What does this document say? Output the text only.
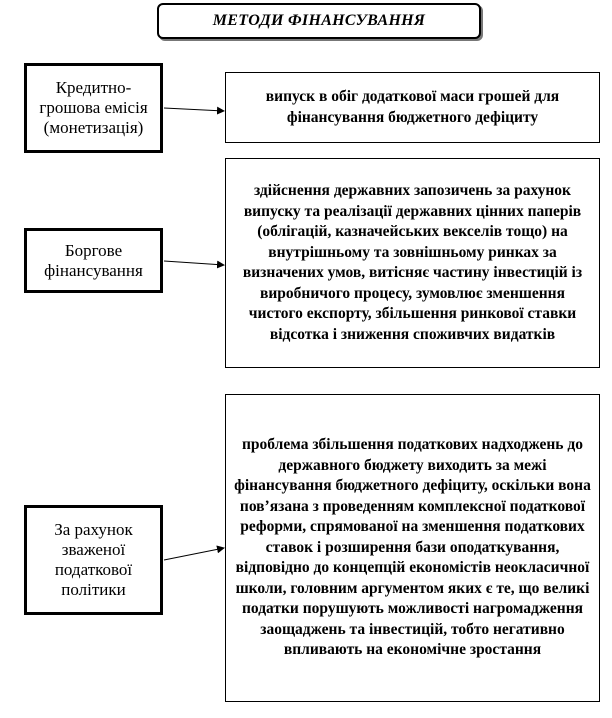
МЕТОДИ ФІНАНСУВАННЯ
Кредитно-грошова емісія (монетизація)
Боргове фінансування
За рахунок зваженої податкової політики
випуск в обіг додаткової маси грошей для фінансування бюджетного дефіциту
здійснення державних запозичень за рахунок випуску та реалізації державних цінних паперів (облігацій, казначейських векселів тощо) на внутрішньому та зовнішньому ринках за визначених умов, витісняє частину інвестицій із виробничого процесу, зумовлює зменшення чистого експорту, збільшення ринкової ставки відсотка і зниження споживчих видатків
проблема збільшення податкових надходжень до державного бюджету виходить за межі фінансування бюджетного дефіциту, оскільки вона пов’язана з проведенням комплексної податкової реформи, спрямованої на зменшення податкових ставок і розширення бази оподаткування, відповідно до концепцій економістів неокласичної школи, головним аргументом яких є те, що великі податки порушують можливості нагромадження заощаджень та інвестицій, тобто негативно впливають на економічне зростання
